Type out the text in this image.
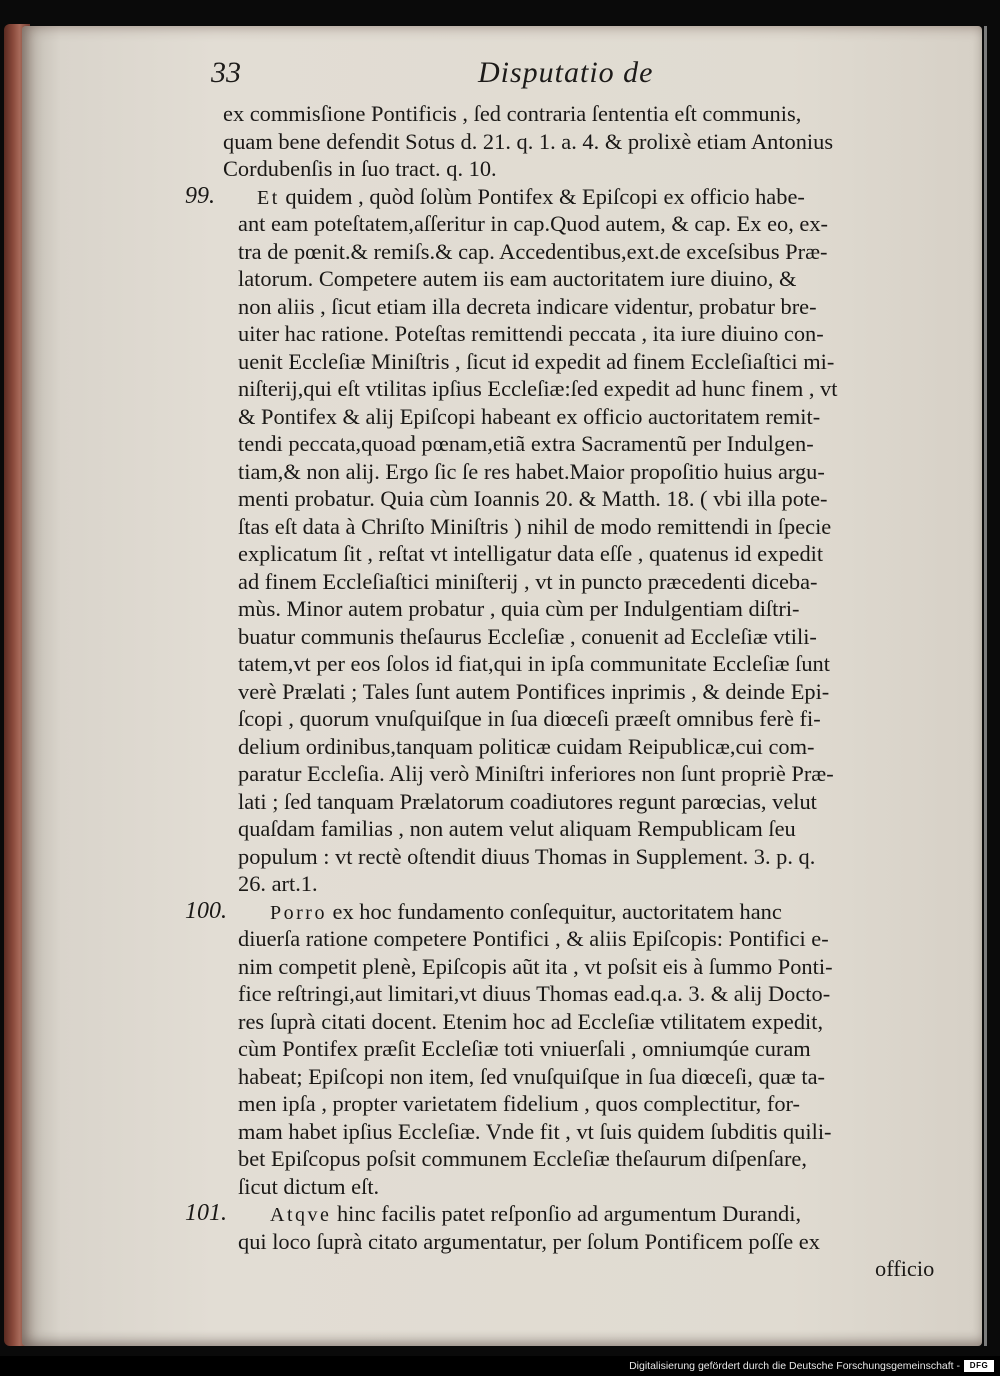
33	Disputatio de
ex commisſione Pontificis , ſed contraria ſententia eſt communis,
quam bene defendit Sotus d. 21. q. 1. a. 4. & prolixè etiam Antonius
Cordubenſis in ſuo tract. q. 10.
99. Et quidem , quòd ſolùm Pontifex & Epiſcopi ex officio habe-
ant eam poteſtatem,aſſeritur in cap.Quod autem, & cap. Ex eo, ex-
tra de pœnit.& remiſs.& cap. Accedentibus,ext.de exceſsibus Præ-
latorum. Competere autem iis eam auctoritatem iure diuino, &
non aliis , ſicut etiam illa decreta indicare videntur, probatur bre-
uiter hac ratione. Poteſtas remittendi peccata , ita iure diuino con-
uenit Eccleſiæ Miniſtris , ſicut id expedit ad finem Eccleſiaſtici mi-
niſterij,qui eſt vtilitas ipſius Eccleſiæ:ſed expedit ad hunc finem , vt
& Pontifex & alij Epiſcopi habeant ex officio auctoritatem remit-
tendi peccata,quoad pœnam,etiã extra Sacramentũ per Indulgen-
tiam,& non alij. Ergo ſic ſe res habet.Maior propoſitio huius argu-
menti probatur. Quia cùm Ioannis 20. & Matth. 18. ( vbi illa pote-
ſtas eſt data à Chriſto Miniſtris ) nihil de modo remittendi in ſpecie
explicatum ſit , reſtat vt intelligatur data eſſe , quatenus id expedit
ad finem Eccleſiaſtici miniſterij , vt in puncto præcedenti diceba-
mùs. Minor autem probatur , quia cùm per Indulgentiam diſtri-
buatur communis theſaurus Eccleſiæ , conuenit ad Eccleſiæ vtili-
tatem,vt per eos ſolos id fiat,qui in ipſa communitate Eccleſiæ ſunt
verè Prælati ; Tales ſunt autem Pontifices inprimis , & deinde Epi-
ſcopi , quorum vnuſquiſque in ſua diœceſi præeſt omnibus ferè fi-
delium ordinibus,tanquam politicæ cuidam Reipublicæ,cui com-
paratur Eccleſia. Alij verò Miniſtri inferiores non ſunt propriè Præ-
lati ; ſed tanquam Prælatorum coadiutores regunt parœcias, velut
quaſdam familias , non autem velut aliquam Rempublicam ſeu
populum : vt rectè oſtendit diuus Thomas in Supplement. 3. p. q.
26. art.1.
100. Porro ex hoc fundamento conſequitur, auctoritatem hanc
diuerſa ratione competere Pontifici , & aliis Epiſcopis: Pontifici e-
nim competit plenè, Epiſcopis aũt ita , vt poſsit eis à ſummo Ponti-
fice reſtringi,aut limitari,vt diuus Thomas ead.q.a. 3. & alij Docto-
res ſuprà citati docent. Etenim hoc ad Eccleſiæ vtilitatem expedit,
cùm Pontifex præſit Eccleſiæ toti vniuerſali , omniumqúe curam
habeat; Epiſcopi non item, ſed vnuſquiſque in ſua diœceſi, quæ ta-
men ipſa , propter varietatem fidelium , quos complectitur, for-
mam habet ipſius Eccleſiæ. Vnde fit , vt ſuis quidem ſubditis quili-
bet Epiſcopus poſsit communem Eccleſiæ theſaurum diſpenſare,
ſicut dictum eſt.
101. Atqve hinc facilis patet reſponſio ad argumentum Durandi,
qui loco ſuprà citato argumentatur, per ſolum Pontificem poſſe ex
officio
Digitalisierung gefördert durch die Deutsche Forschungsgemeinschaft -	DFG
